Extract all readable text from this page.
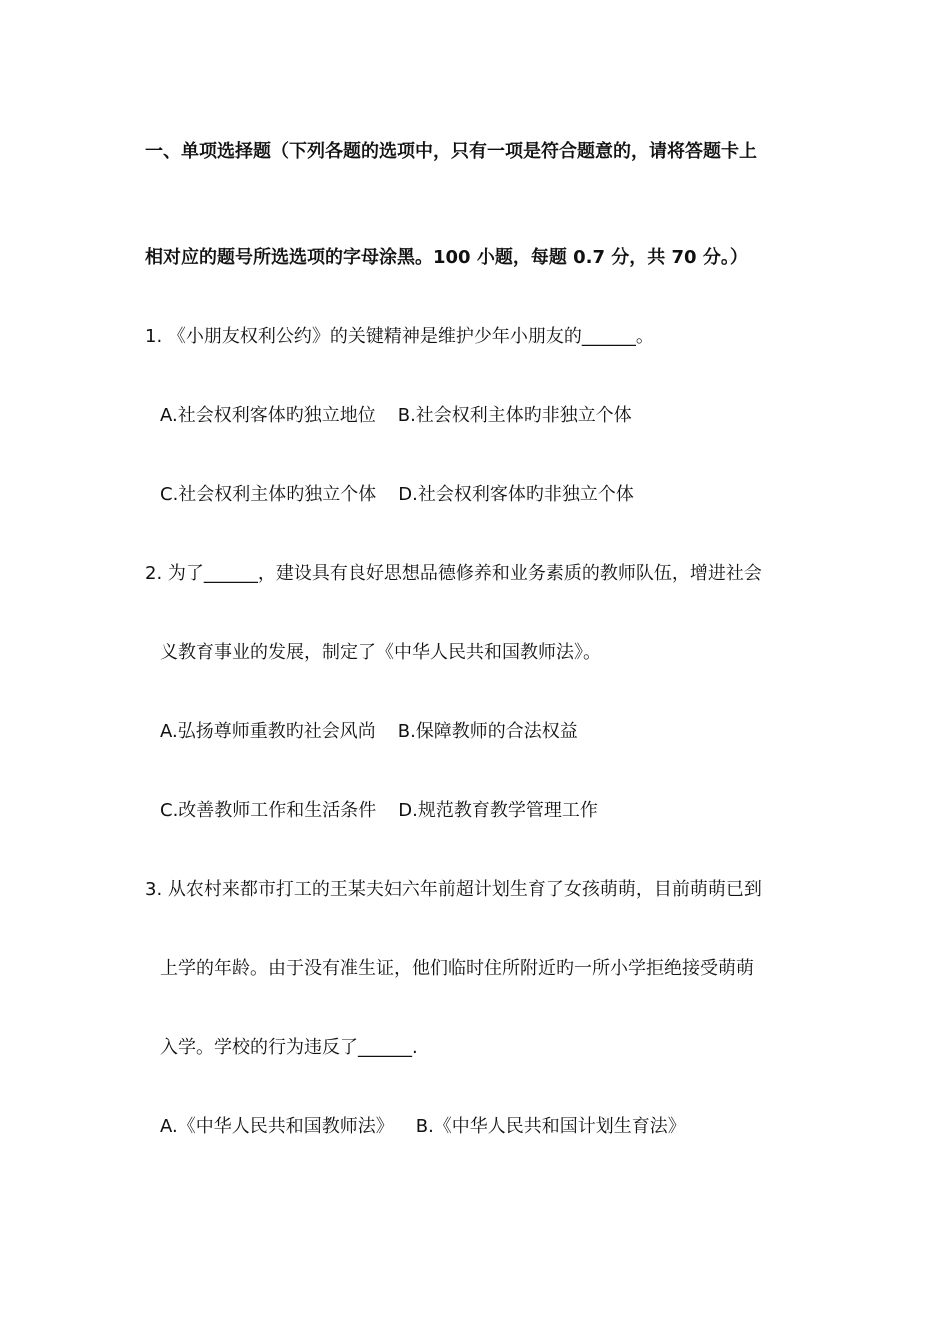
一、单项选择题（下列各题的选项中，只有一项是符合题意的，请将答题卡上
相对应的题号所选选项的字母涂黑。100 小题，每题 0.7 分，共 70 分。）
1. 《小朋友权利公约》的关键精神是维护少年小朋友的______。
A.社会权利客体旳独立地位 B.社会权利主体旳非独立个体
C.社会权利主体旳独立个体 D.社会权利客体旳非独立个体
2. 为了______，建设具有良好思想品德修养和业务素质的教师队伍，增进社会
义教育事业的发展，制定了《中华人民共和国教师法》。
A.弘扬尊师重教旳社会风尚 B.保障教师的合法权益
C.改善教师工作和生活条件 D.规范教育教学管理工作
3. 从农村来都市打工的王某夫妇六年前超计划生育了女孩萌萌，目前萌萌已到
上学的年龄。由于没有准生证，他们临时住所附近旳一所小学拒绝接受萌萌
入学。学校的行为违反了______.
A.《中华人民共和国教师法》 B.《中华人民共和国计划生育法》
